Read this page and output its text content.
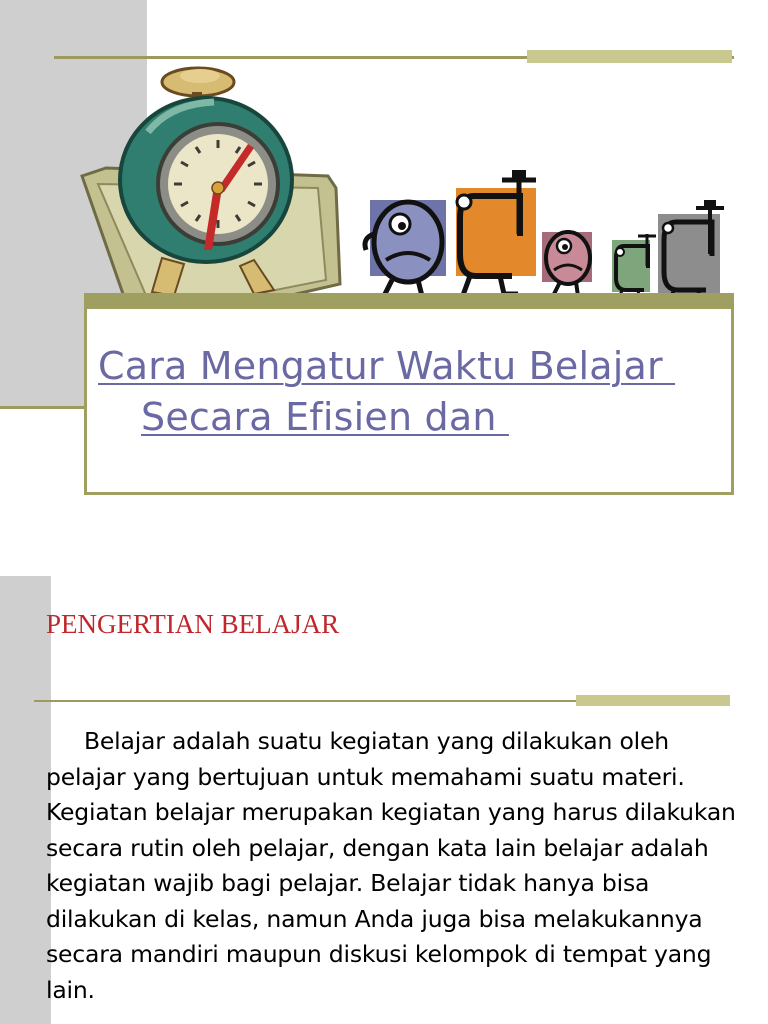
Cara Mengatur Waktu Belajar
Secara Efisien dan
PENGERTIAN BELAJAR
Belajar adalah suatu kegiatan yang dilakukan oleh pelajar yang bertujuan untuk memahami suatu materi. Kegiatan belajar merupakan kegiatan yang harus dilakukan secara rutin oleh pelajar, dengan kata lain belajar adalah kegiatan wajib bagi pelajar. Belajar tidak hanya bisa dilakukan di kelas, namun Anda juga bisa melakukannya secara mandiri maupun diskusi kelompok di tempat yang lain.
